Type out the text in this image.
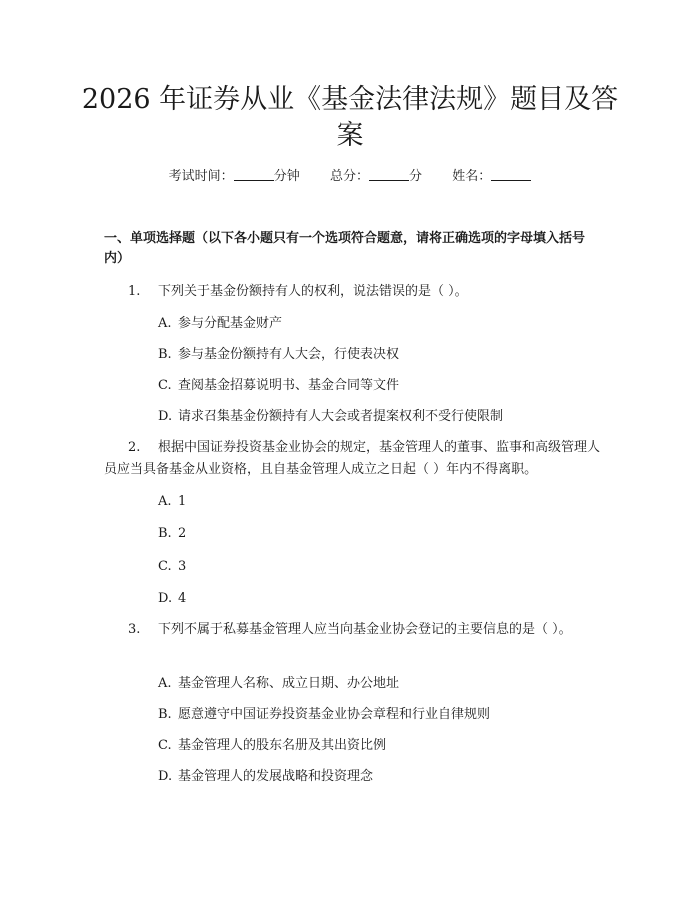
2026 年证券从业《基金法律法规》题目及答
案
考试时间：	分钟 总分：	分 姓名：
一、单项选择题（以下各小题只有一个选项符合题意，请将正确选项的字母填入括号内）
1. 下列关于基金份额持有人的权利，说法错误的是（ ）。
A. 参与分配基金财产
B. 参与基金份额持有人大会，行使表决权
C. 查阅基金招募说明书、基金合同等文件
D. 请求召集基金份额持有人大会或者提案权利不受行使限制
2. 根据中国证券投资基金业协会的规定，基金管理人的董事、监事和高级管理人员应当具备基金从业资格，且自基金管理人成立之日起（ ）年内不得离职。
A. 1
B. 2
C. 3
D. 4
3. 下列不属于私募基金管理人应当向基金业协会登记的主要信息的是（ ）。
A. 基金管理人名称、成立日期、办公地址
B. 愿意遵守中国证券投资基金业协会章程和行业自律规则
C. 基金管理人的股东名册及其出资比例
D. 基金管理人的发展战略和投资理念
